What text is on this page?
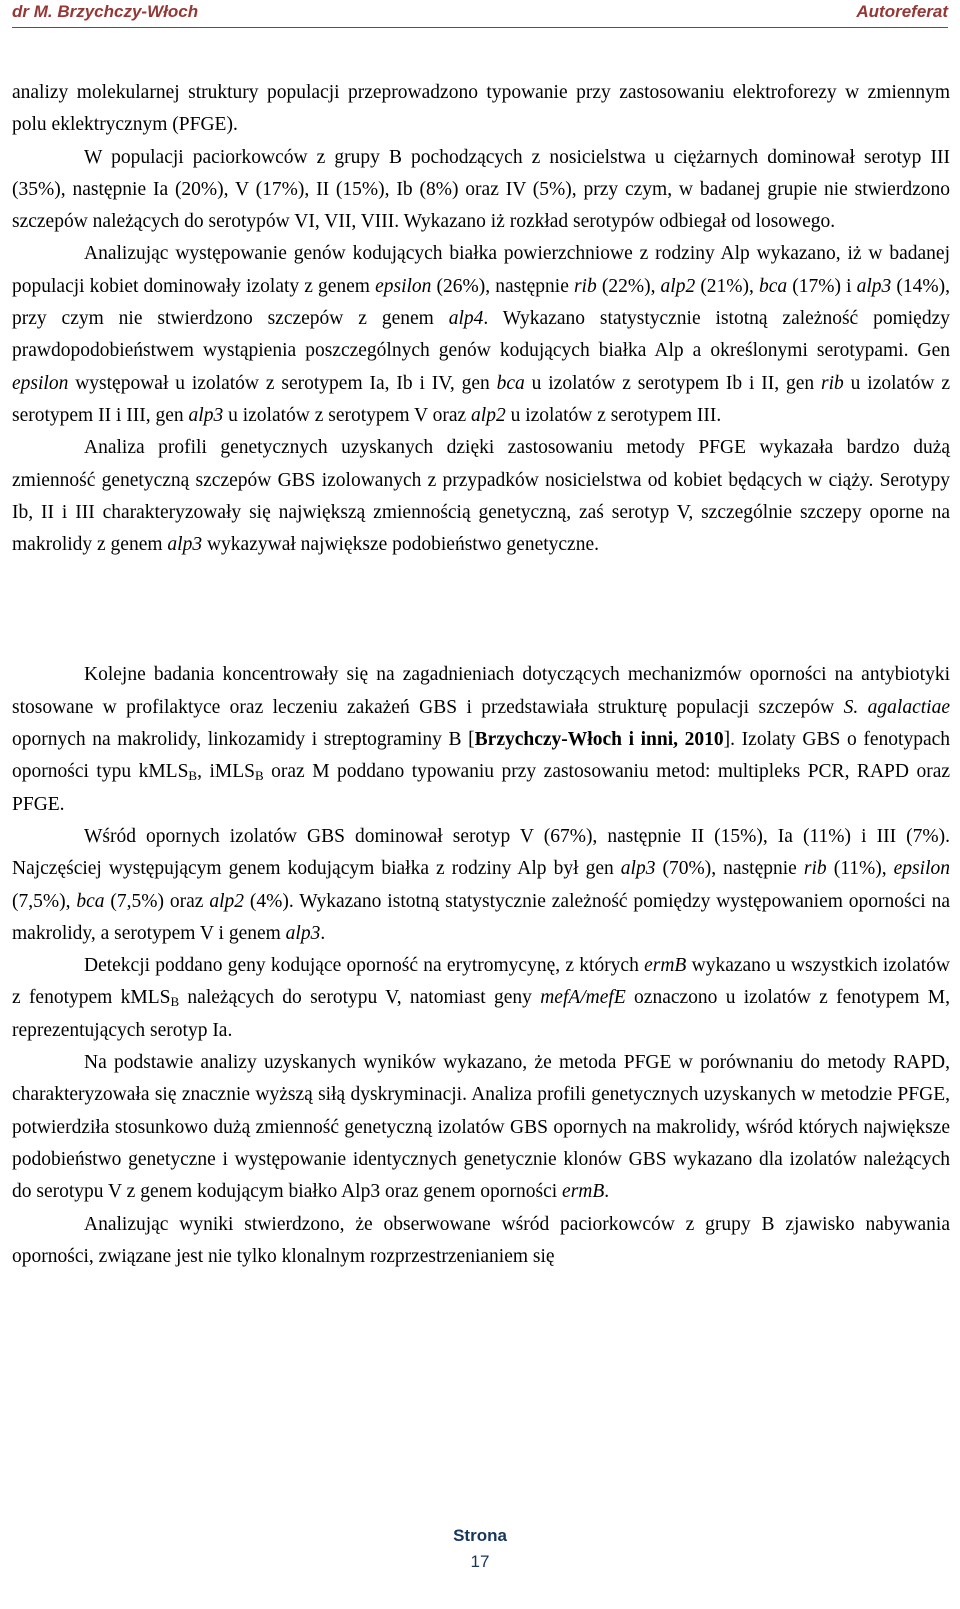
dr M. Brzychczy-Włoch	Autoreferat

analizy molekularnej struktury populacji przeprowadzono typowanie przy zastosowaniu elektroforezy w zmiennym polu eklektrycznym (PFGE).

W populacji paciorkowców z grupy B pochodzących z nosicielstwa u ciężarnych dominował serotyp III (35%), następnie Ia (20%), V (17%), II (15%), Ib (8%) oraz IV (5%), przy czym, w badanej grupie nie stwierdzono szczepów należących do serotypów VI, VII, VIII. Wykazano iż rozkład serotypów odbiegał od losowego.

Analizując występowanie genów kodujących białka powierzchniowe z rodziny Alp wykazano, iż w badanej populacji kobiet dominowały izolaty z genem epsilon (26%), następnie rib (22%), alp2 (21%), bca (17%) i alp3 (14%), przy czym nie stwierdzono szczepów z genem alp4. Wykazano statystycznie istotną zależność pomiędzy prawdopodobieństwem wystąpienia poszczególnych genów kodujących białka Alp a określonymi serotypami. Gen epsilon występował u izolatów z serotypem Ia, Ib i IV, gen bca u izolatów z serotypem Ib i II, gen rib u izolatów z serotypem II i III, gen alp3 u izolatów z serotypem V oraz alp2 u izolatów z serotypem III.

Analiza profili genetycznych uzyskanych dzięki zastosowaniu metody PFGE wykazała bardzo dużą zmienność genetyczną szczepów GBS izolowanych z przypadków nosicielstwa od kobiet będących w ciąży. Serotypy Ib, II i III charakteryzowały się największą zmiennością genetyczną, zaś serotyp V, szczególnie szczepy oporne na makrolidy z genem alp3 wykazywał największe podobieństwo genetyczne.

Kolejne badania koncentrowały się na zagadnieniach dotyczących mechanizmów oporności na antybiotyki stosowane w profilaktyce oraz leczeniu zakażeń GBS i przedstawiała strukturę populacji szczepów S. agalactiae opornych na makrolidy, linkozamidy i streptograminy B [Brzychczy-Włoch i inni, 2010]. Izolaty GBS o fenotypach oporności typu kMLS$_B$, iMLS$_B$ oraz M poddano typowaniu przy zastosowaniu metod: multipleks PCR, RAPD oraz PFGE.

Wśród opornych izolatów GBS dominował serotyp V (67%), następnie II (15%), Ia (11%) i III (7%). Najczęściej występującym genem kodującym białka z rodziny Alp był gen alp3 (70%), następnie rib (11%), epsilon (7,5%), bca (7,5%) oraz alp2 (4%). Wykazano istotną statystycznie zależność pomiędzy występowaniem oporności na makrolidy, a serotypem V i genem alp3.

Detekcji poddano geny kodujące oporność na erytromycynę, z których ermB wykazano u wszystkich izolatów z fenotypem kMLS$_B$ należących do serotypu V, natomiast geny mefA/mefE oznaczono u izolatów z fenotypem M, reprezentujących serotyp Ia.

Na podstawie analizy uzyskanych wyników wykazano, że metoda PFGE w porównaniu do metody RAPD, charakteryzowała się znacznie wyższą siłą dyskryminacji. Analiza profili genetycznych uzyskanych w metodzie PFGE, potwierdziła stosunkowo dużą zmienność genetyczną izolatów GBS opornych na makrolidy, wśród których największe podobieństwo genetyczne i występowanie identycznych genetycznie klonów GBS wykazano dla izolatów należących do serotypu V z genem kodującym białko Alp3 oraz genem oporności ermB.

Analizując wyniki stwierdzono, że obserwowane wśród paciorkowców z grupy B zjawisko nabywania oporności, związane jest nie tylko klonalnym rozprzestrzenianiem się

Strona
17
